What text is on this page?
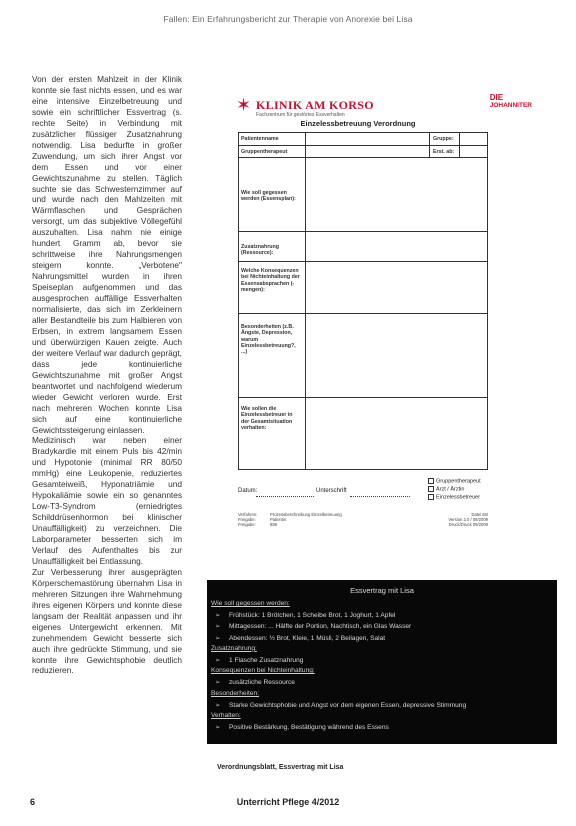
Fallen: Ein Erfahrungsbericht zur Therapie von Anorexie bei Lisa

Von der ersten Mahlzeit in der Klinik konnte sie fast nichts essen, und es war eine intensive Einzelbetreuung und sowie ein schriftlicher Essvertrag (s. rechte Seite) in Verbindung mit zusätzlicher flüssiger Zusatznahrung notwendig. Lisa bedurfte in großer Zuwendung, um sich ihrer Angst vor dem Essen und vor einer Gewichtszunahme zu stellen. Täglich suchte sie das Schwesternzimmer auf und wurde nach den Mahlzeiten mit Wärmflaschen und Gesprächen versorgt, um das subjektive Völlegefühl auszuhalten. Lisa nahm nie einige hundert Gramm ab, bevor sie schrittweise ihre Nahrungsmengen steigern konnte. „Verbotene" Nahrungsmittel wurden in ihren Speiseplan aufgenommen und das ausgesprochen auffällige Essverhalten normalisierte, das sich im Zerkleinern aller Bestandteile bis zum Halbieren von Erbsen, in extrem langsamem Essen und überwürzigen Kauen zeigte. Auch der weitere Verlauf war dadurch geprägt, dass jede kontinuierliche Gewichtszunahme mit großer Angst beantwortet und nachfolgend wiederum wieder Gewicht verloren wurde. Erst nach mehreren Wochen konnte Lisa sich auf eine kontinuierliche Gewichtssteigerung einlassen.

Medizinisch war neben einer Bradykardie mit einem Puls bis 42/min und Hypotonie (minimal RR 80/50 mmHg) eine Leukopenie, reduziertes Gesamteiweiß, Hyponatriämie und Hypokaliämie sowie ein so genanntes Low-T3-Syndrom (erniedrigtes Schilddrüsenhormon bei klinischer Unauffälligkeit) zu verzeichnen. Die Laborparameter besserten sich im Verlauf des Aufenthaltes bis zur Unauffälligkeit bei Entlassung.

Zur Verbesserung ihrer ausgeprägten Körperschemastörung übernahm Lisa in mehreren Sitzungen ihre Wahrnehmung ihres eigenen Körpers und konnte diese langsam der Realität anpassen und ihr eigenes Untergewicht erkennen. Mit zunehmendem Gewicht besserte sich auch ihre gedrückte Stimmung, und sie konnte ihre Gewichtsphobie deutlich reduzieren.

✶ KLINIK AM KORSO
Fachzentrum für gestörtes Essverhalten
DIE
JOHANNITER
Einzelessbetreuung Verordnung
Patientenname	Gruppe:
Gruppentherapeut	Erst. ab:
Wie soll gegessen werden (Essensplan):
Zusatznahrung (Ressource):
Welche Konsequenzen bei Nichteinhaltung der Essensabsprachen (-mengen):
Besonderheiten (z.B. Ängste, Depression, warum Einzelessbetreuung?, ...)
Wie sollen die Einzelessbetreuer in der Gesamtsituation verhalten:
Datum:	Unterschrift
Gruppentherapeut
Arzt / Ärztin
Einzelessbetreuer
Verfahren:
Freigabe:
Freigabe:
Prozessbeschreibung Einzelbetreuung
Patientin
888
Datei EB
Version 2.0 / 09/2009
Druck/Druck 09/2009
Essvertrag mit Lisa
Wie soll gegessen werden:
➢ Frühstück: 1 Brötchen, 1 Scheibe Brot, 1 Joghurt, 1 Apfel
➢ Mittagessen: ... Hälfte der Portion, Nachtisch, ein Glas Wasser
➢ Abendessen: ½ Brot, Kleie, 1 Müsli, 2 Beilagen, Salat
Zusatznahrung:
➢ 1 Flasche Zusatznahrung
Konsequenzen bei Nichteinhaltung:
➢ zusätzliche Ressource
Besonderheiten:
➢ Starke Gewichtsphobie und Angst vor dem eigenen Essen, depressive Stimmung
Verhalten:
➢ Positive Bestärkung, Bestätigung während des Essens
Verordnungsblatt, Essvertrag mit Lisa
6	Unterricht Pflege 4/2012
